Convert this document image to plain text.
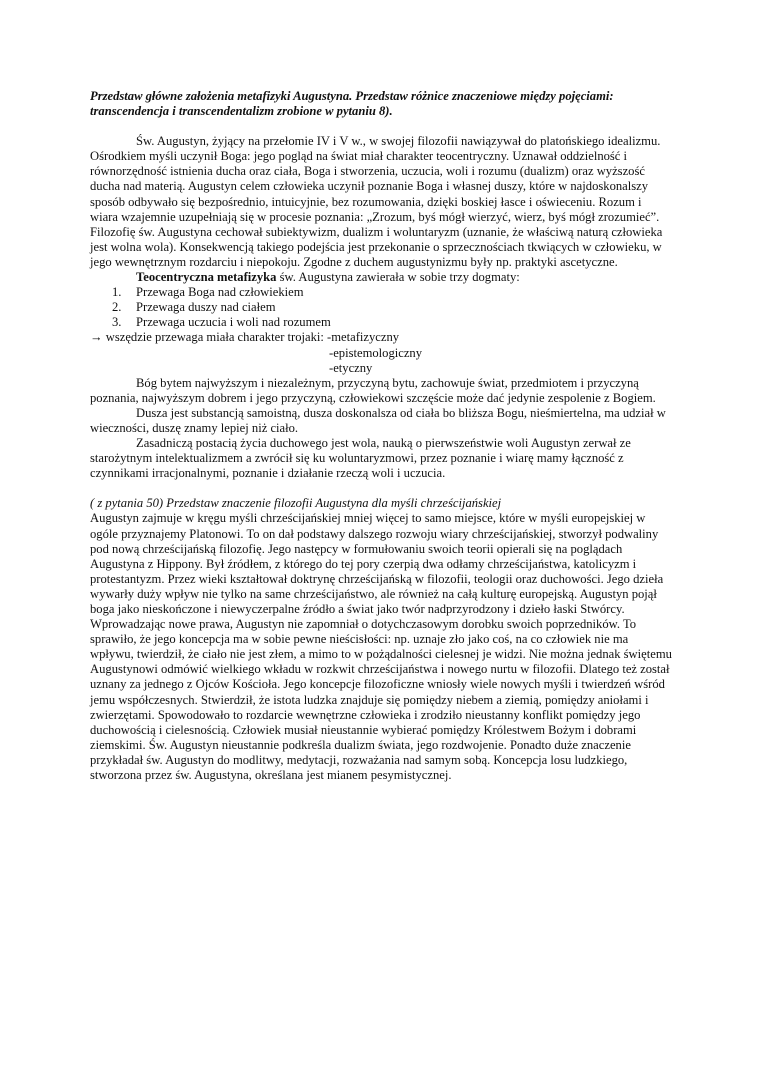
Przedstaw główne założenia metafizyki Augustyna. Przedstaw różnice znaczeniowe między pojęciami: transcendencja i transcendentalizm zrobione w pytaniu 8).

Św. Augustyn, żyjący na przełomie IV i V w., w swojej filozofii nawiązywał do platońskiego idealizmu. Ośrodkiem myśli uczynił Boga: jego pogląd na świat miał charakter teocentryczny. Uznawał oddzielność i równorzędność istnienia ducha oraz ciała, Boga i stworzenia, uczucia, woli i rozumu (dualizm) oraz wyższość ducha nad materią. Augustyn celem człowieka uczynił poznanie Boga i własnej duszy, które w najdoskonalszy sposób odbywało się bezpośrednio, intuicyjnie, bez rozumowania, dzięki boskiej łasce i oświeceniu. Rozum i wiara wzajemnie uzupełniają się w procesie poznania: „Zrozum, byś mógł wierzyć, wierz, byś mógł zrozumieć”. Filozofię św. Augustyna cechował subiektywizm, dualizm i woluntaryzm (uznanie, że właściwą naturą człowieka jest wolna wola). Konsekwencją takiego podejścia jest przekonanie o sprzecznościach tkwiących w człowieku, w jego wewnętrznym rozdarciu i niepokoju. Zgodne z duchem augustynizmu były np. praktyki ascetyczne.

Teocentryczna metafizyka św. Augustyna zawierała w sobie trzy dogmaty:

1. Przewaga Boga nad człowiekiem
2. Przewaga duszy nad ciałem
3. Przewaga uczucia i woli nad rozumem

→ wszędzie przewaga miała charakter trojaki: -metafizyczny

-epistemologiczny

-etyczny

Bóg bytem najwyższym i niezależnym, przyczyną bytu, zachowuje świat, przedmiotem i przyczyną poznania, najwyższym dobrem i jego przyczyną, człowiekowi szczęście może dać jedynie zespolenie z Bogiem.

Dusza jest substancją samoistną, dusza doskonalsza od ciała bo bliższa Bogu, nieśmiertelna, ma udział w wieczności, duszę znamy lepiej niż ciało.

Zasadniczą postacią życia duchowego jest wola, nauką o pierwszeństwie woli Augustyn zerwał ze starożytnym intelektualizmem a zwrócił się ku woluntaryzmowi, przez poznanie i wiarę mamy łączność z czynnikami irracjonalnymi, poznanie i działanie rzeczą woli i uczucia.

( z pytania 50) Przedstaw znaczenie filozofii Augustyna dla myśli chrześcijańskiej

Augustyn zajmuje w kręgu myśli chrześcijańskiej mniej więcej to samo miejsce, które w myśli europejskiej w ogóle przyznajemy Platonowi. To on dał podstawy dalszego rozwoju wiary chrześcijańskiej, stworzył podwaliny pod nową chrześcijańską filozofię. Jego następcy w formułowaniu swoich teorii opierali się na poglądach Augustyna z Hippony. Był źródłem, z którego do tej pory czerpią dwa odłamy chrześcijaństwa, katolicyzm i protestantyzm. Przez wieki kształtował doktrynę chrześcijańską w filozofii, teologii oraz duchowości. Jego dzieła wywarły duży wpływ nie tylko na same chrześcijaństwo, ale również na całą kulturę europejską. Augustyn pojął boga jako nieskończone i niewyczerpalne źródło a świat jako twór nadprzyrodzony i dzieło łaski Stwórcy. Wprowadzając nowe prawa, Augustyn nie zapomniał o dotychczasowym dorobku swoich poprzedników. To sprawiło, że jego koncepcja ma w sobie pewne nieścisłości: np. uznaje zło jako coś, na co człowiek nie ma wpływu, twierdził, że ciało nie jest złem, a mimo to w pożądalności cielesnej je widzi. Nie można jednak świętemu Augustynowi odmówić wielkiego wkładu w rozkwit chrześcijaństwa i nowego nurtu w filozofii. Dlatego też został uznany za jednego z Ojców Kościoła. Jego koncepcje filozoficzne wniosły wiele nowych myśli i twierdzeń wśród jemu współczesnych. Stwierdził, że istota ludzka znajduje się pomiędzy niebem a ziemią, pomiędzy aniołami i zwierzętami. Spowodowało to rozdarcie wewnętrzne człowieka i zrodziło nieustanny konflikt pomiędzy jego duchowością i cielesnością. Człowiek musiał nieustannie wybierać pomiędzy Królestwem Bożym i dobrami ziemskimi. Św. Augustyn nieustannie podkreśla dualizm świata, jego rozdwojenie. Ponadto duże znaczenie przykładał św. Augustyn do modlitwy, medytacji, rozważania nad samym sobą. Koncepcja losu ludzkiego, stworzona przez św. Augustyna, określana jest mianem pesymistycznej.
